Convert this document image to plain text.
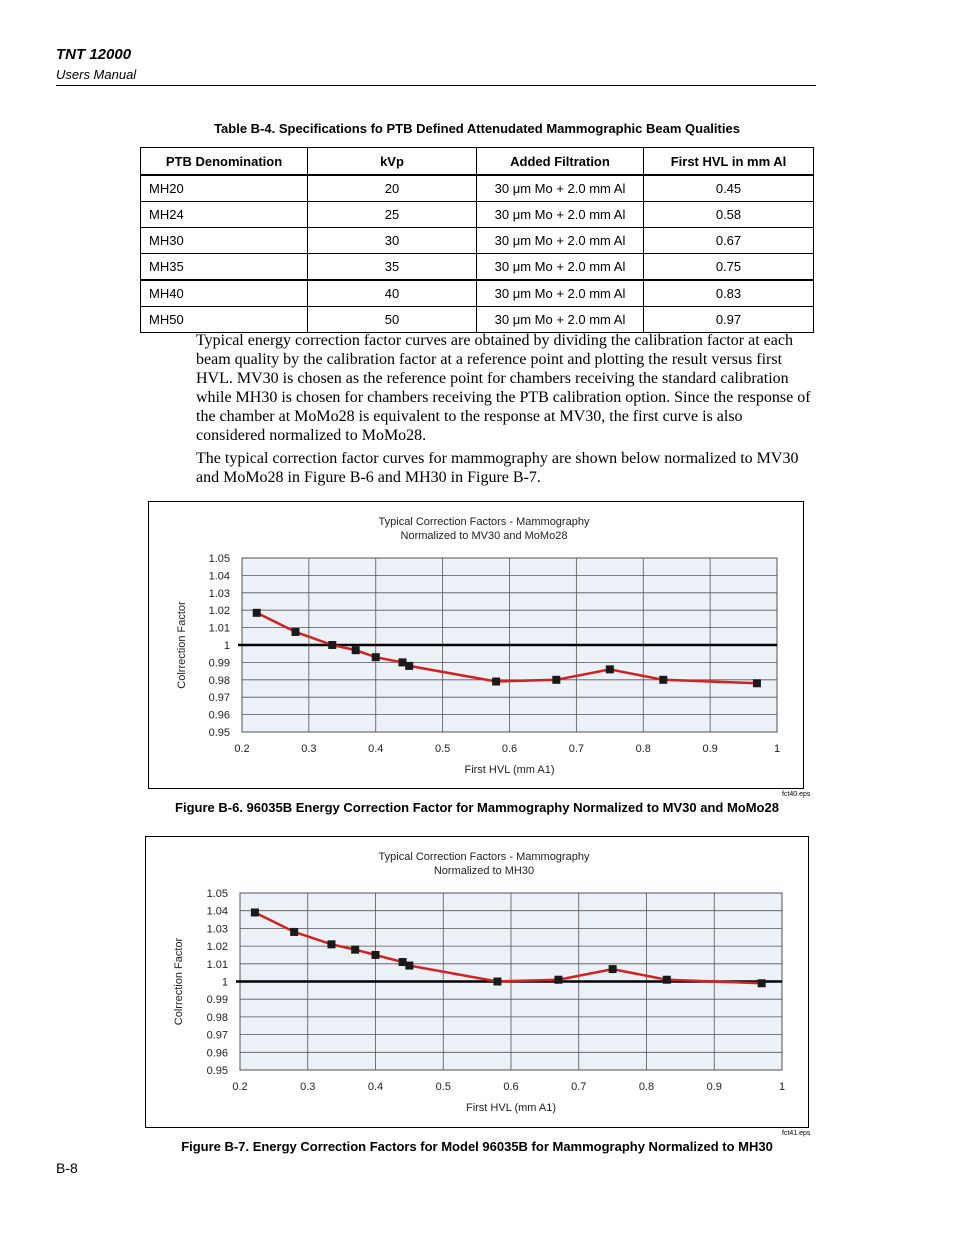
TNT 12000
Users Manual
Table B-4. Specifications fo PTB Defined Attenudated Mammographic Beam Qualities
PTB Denomination	kVp	Added Filtration	First HVL in mm Al
MH20	20	30 μm Mo + 2.0 mm Al	0.45
MH24	25	30 μm Mo + 2.0 mm Al	0.58
MH30	30	30 μm Mo + 2.0 mm Al	0.67
MH35	35	30 μm Mo + 2.0 mm Al	0.75
MH40	40	30 μm Mo + 2.0 mm Al	0.83
MH50	50	30 μm Mo + 2.0 mm Al	0.97

Typical energy correction factor curves are obtained by dividing the calibration factor at each beam quality by the calibration factor at a reference point and plotting the result versus first HVL. MV30 is chosen as the reference point for chambers receiving the standard calibration while MH30 is chosen for chambers receiving the PTB calibration option. Since the response of the chamber at MoMo28 is equivalent to the response at MV30, the first curve is also considered normalized to MoMo28.

The typical correction factor curves for mammography are shown below normalized to MV30 and MoMo28 in Figure B-6 and MH30 in Figure B-7.

Typical Correction Factors - Mammography
Normalized to MV30 and MoMo28
0.95
0.96
0.97
0.98
0.99
1
1.01
1.02
1.03
1.04
1.05
0.2	0.3	0.4	0.5	0.6	0.7	0.8	0.9	1
First HVL (mm A1)
Colrrection Factor
fct40.eps
Figure B-6. 96035B Energy Correction Factor for Mammography Normalized to MV30 and MoMo28
Typical Correction Factors - Mammography
Normalized to MH30
0.95
0.96
0.97
0.98
0.99
1
1.01
1.02
1.03
1.04
1.05
0.2	0.3	0.4	0.5	0.6	0.7	0.8	0.9	1
First HVL (mm A1)
Colrrection Factor
fct41.eps
Figure B-7. Energy Correction Factors for Model 96035B for Mammography Normalized to MH30
B-8
